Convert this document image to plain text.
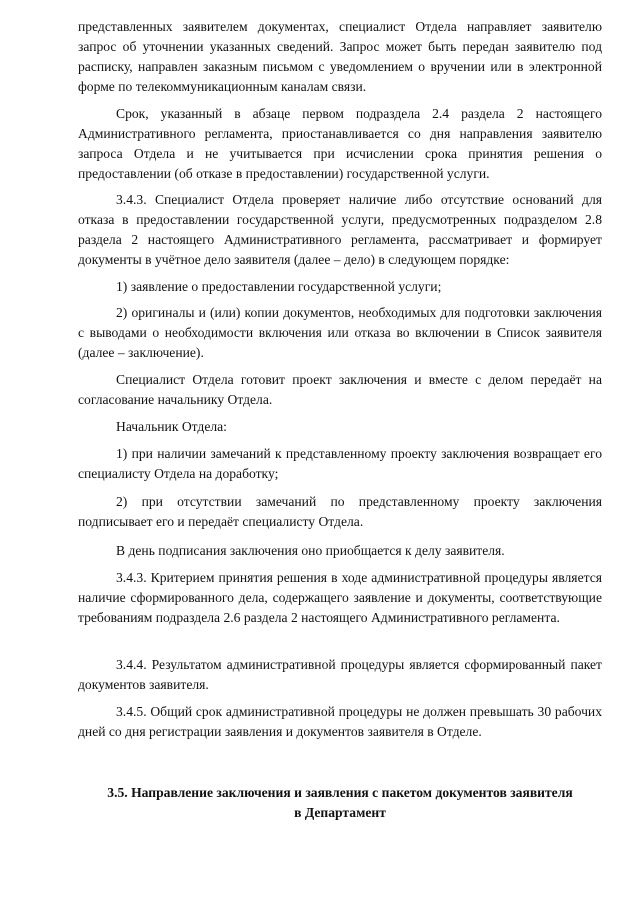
представленных заявителем документах, специалист Отдела направляет заявителю запрос об уточнении указанных сведений. Запрос может быть передан заявителю под расписку, направлен заказным письмом с уведомлением о вручении или в электронной форме по телекоммуникационным каналам связи.

Срок, указанный в абзаце первом подраздела 2.4 раздела 2 настоящего Административного регламента, приостанавливается со дня направления заявителю запроса Отдела и не учитывается при исчислении срока принятия решения о предоставлении (об отказе в предоставлении) государственной услуги.

3.4.3. Специалист Отдела проверяет наличие либо отсутствие оснований для отказа в предоставлении государственной услуги, предусмотренных подразделом 2.8 раздела 2 настоящего Административного регламента, рассматривает и формирует документы в учётное дело заявителя (далее – дело) в следующем порядке:

1) заявление о предоставлении государственной услуги;

2) оригиналы и (или) копии документов, необходимых для подготовки заключения с выводами о необходимости включения или отказа во включении в Список заявителя (далее – заключение).

Специалист Отдела готовит проект заключения и вместе с делом передаёт на согласование начальнику Отдела.

Начальник Отдела:

1) при наличии замечаний к представленному проекту заключения возвращает его специалисту Отдела на доработку;

2) при отсутствии замечаний по представленному проекту заключения подписывает его и передаёт специалисту Отдела.

В день подписания заключения оно приобщается к делу заявителя.

3.4.3. Критерием принятия решения в ходе административной процедуры является наличие сформированного дела, содержащего заявление и документы, соответствующие требованиям подраздела 2.6 раздела 2 настоящего Административного регламента.

3.4.4. Результатом административной процедуры является сформированный пакет документов заявителя.

3.4.5. Общий срок административной процедуры не должен превышать 30 рабочих дней со дня регистрации заявления и документов заявителя в Отделе.

3.5. Направление заключения и заявления с пакетом документов заявителя
в Департамент
